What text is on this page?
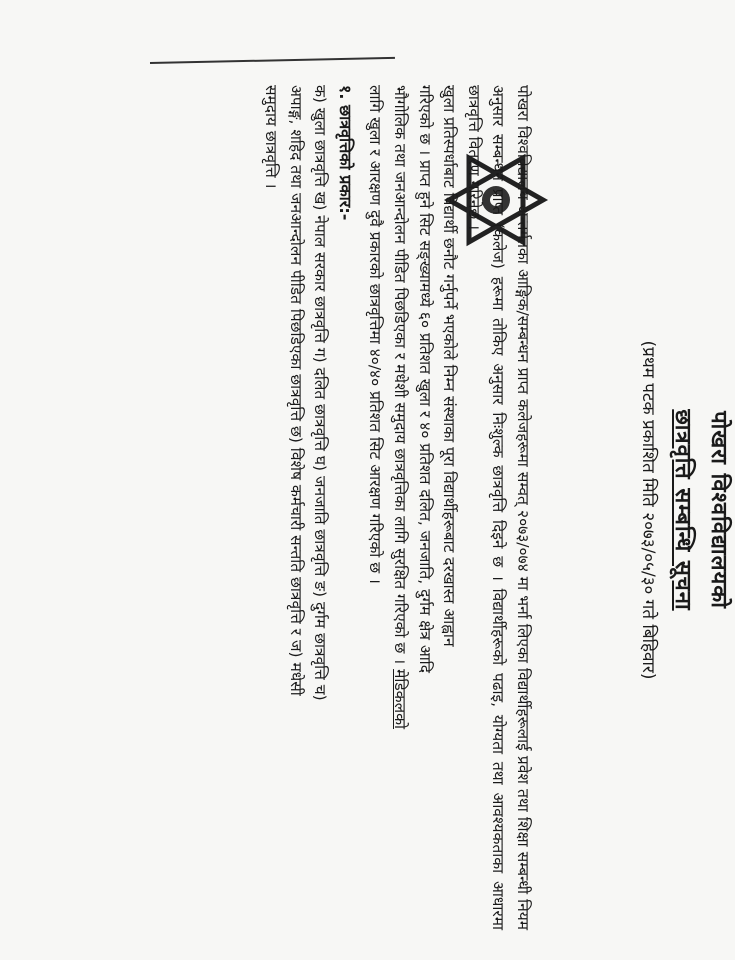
पोखरा विश्वविद्यालयको
छात्रवृत्ति सम्बन्धि सूचना
(प्रथम पटक प्रकाशित मिति २०७३/०५/३० गते बिहिवार)

पोखरा विश्वविद्यालय अन्तर्गतका आङ्गिक/सम्बन्धन प्राप्त कलेजहरूमा सम्वत् २०७३/०७४ मा भर्ना लिएका विद्यार्थीहरूलाई प्रवेश तथा शिक्षा सम्बन्धी नियम अनुसार सम्बन्धन प्राप्त (कलेज) हरूमा तोकिए अनुसार निःशुल्क छात्रवृत्ति दिइने छ । विद्यार्थीहरूको पढाइ, योग्यता तथा आवश्यकताका आधारमा छात्रवृत्ति वितरण गरिनेछ ।

खुला प्रतिस्पर्धाबाट विद्यार्थी छनौट गर्नुपर्ने भएकोले निम्न संस्थाका पूरा विद्यार्थीहरूबाट दरखास्त आह्वान

गरिएको छ । प्राप्त हुने सिट सङ्ख्यामध्ये ६० प्रतिशत खुला र ४० प्रतिशत दलित, जनजाति, दुर्गम क्षेत्र आदि

भौगोलिक तथा जनआन्दोलन पीडित पिछडिएका र मधेशी समुदाय छात्रवृत्तिका लागि सुरक्षित गरिएको छ । मेडिकलको

लागि खुला र आरक्षण दुवै प्रकारको छात्रवृत्तिमा ४०/४० प्रतिशत सिट आरक्षण गरिएको छ ।

१. छात्रवृत्तिको प्रकार:-

क) खुला छात्रवृत्ति ख) नेपाल सरकार छात्रवृत्ति ग) दलित छात्रवृत्ति घ) जनजाति छात्रवृत्ति ङ) दुर्गम छात्रवृत्ति च)

अपाङ्ग, शहिद तथा जनआन्दोलन पीडित पिछडिएका छात्रवृत्ति छ) विशेष कर्मचारी सन्तति छात्रवृत्ति र ज) मधेसी

समुदाय छात्रवृत्ति ।
